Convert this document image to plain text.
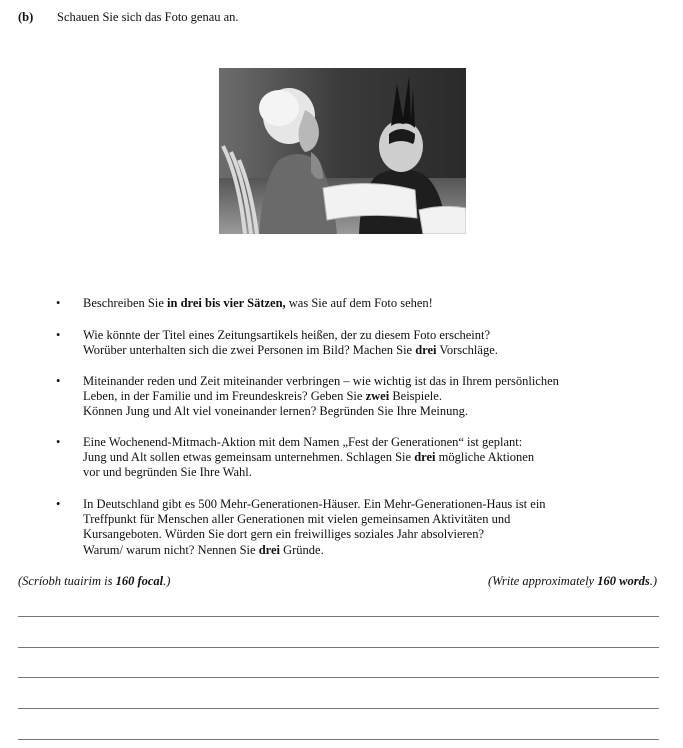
(b) Schauen Sie sich das Foto genau an.
• Beschreiben Sie in drei bis vier Sätzen, was Sie auf dem Foto sehen!
• Wie könnte der Titel eines Zeitungsartikels heißen, der zu diesem Foto erscheint?
Worüber unterhalten sich die zwei Personen im Bild? Machen Sie drei Vorschläge.
• Miteinander reden und Zeit miteinander verbringen – wie wichtig ist das in Ihrem persönlichen
Leben, in der Familie und im Freundeskreis? Geben Sie zwei Beispiele.
Können Jung und Alt viel voneinander lernen? Begründen Sie Ihre Meinung.
• Eine Wochenend-Mitmach-Aktion mit dem Namen „Fest der Generationen“ ist geplant:
Jung und Alt sollen etwas gemeinsam unternehmen. Schlagen Sie drei mögliche Aktionen
vor und begründen Sie Ihre Wahl.
• In Deutschland gibt es 500 Mehr-Generationen-Häuser. Ein Mehr-Generationen-Haus ist ein
Treffpunkt für Menschen aller Generationen mit vielen gemeinsamen Aktivitäten und
Kursangeboten. Würden Sie dort gern ein freiwilliges soziales Jahr absolvieren?
Warum/ warum nicht? Nennen Sie drei Gründe.
(Scríobh tuairim is 160 focal.)	(Write approximately 160 words.)
